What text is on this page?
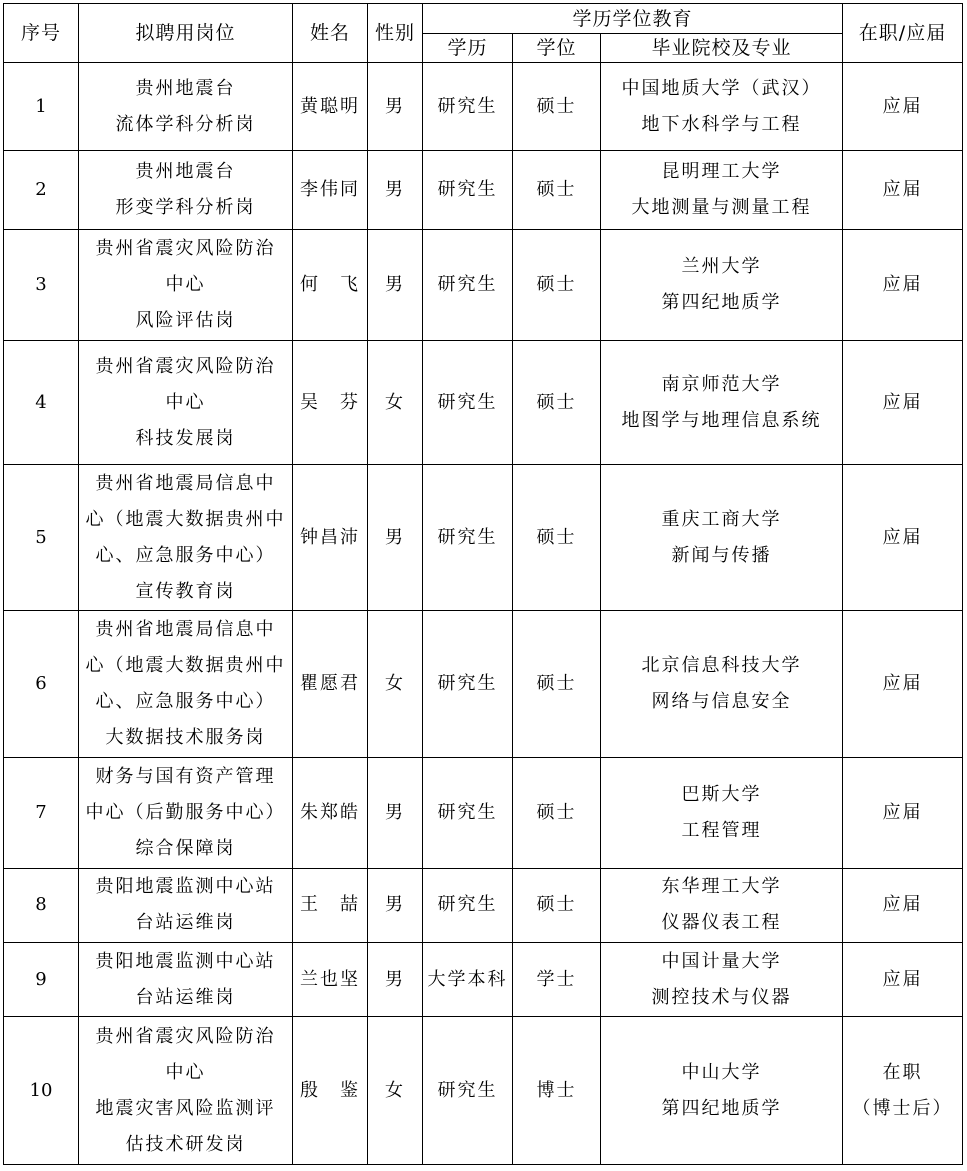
序号	拟聘用岗位	姓名	性别	学历学位教育			在职/应届
				学历	学位	毕业院校及专业	
1	贵州地震台
流体学科分析岗	黄聪明	男	研究生	硕士	中国地质大学（武汉）
地下水科学与工程	应届

2	贵州地震台
形变学科分析岗	李伟同	男	研究生	硕士	昆明理工大学
大地测量与测量工程	应届

3	贵州省震灾风险防治
中心
风险评估岗	何　飞	男	研究生	硕士	兰州大学
第四纪地质学	应届

4	贵州省震灾风险防治
中心
科技发展岗	吴　芬	女	研究生	硕士	南京师范大学
地图学与地理信息系统	应届

5	贵州省地震局信息中
心（地震大数据贵州中
心、应急服务中心）
宣传教育岗	钟昌沛	男	研究生	硕士	重庆工商大学
新闻与传播	应届

6	贵州省地震局信息中
心（地震大数据贵州中
心、应急服务中心）
大数据技术服务岗	瞿愿君	女	研究生	硕士	北京信息科技大学
网络与信息安全	应届

7	财务与国有资产管理
中心（后勤服务中心）
综合保障岗	朱郑皓	男	研究生	硕士	巴斯大学
工程管理	应届

8	贵阳地震监测中心站
台站运维岗	王　喆	男	研究生	硕士	东华理工大学
仪器仪表工程	应届

9	贵阳地震监测中心站
台站运维岗	兰也坚	男	大学本科	学士	中国计量大学
测控技术与仪器	应届

10	贵州省震灾风险防治
中心
地震灾害风险监测评
估技术研发岗	殷　鉴	女	研究生	博士	中山大学
第四纪地质学	在职
（博士后）
